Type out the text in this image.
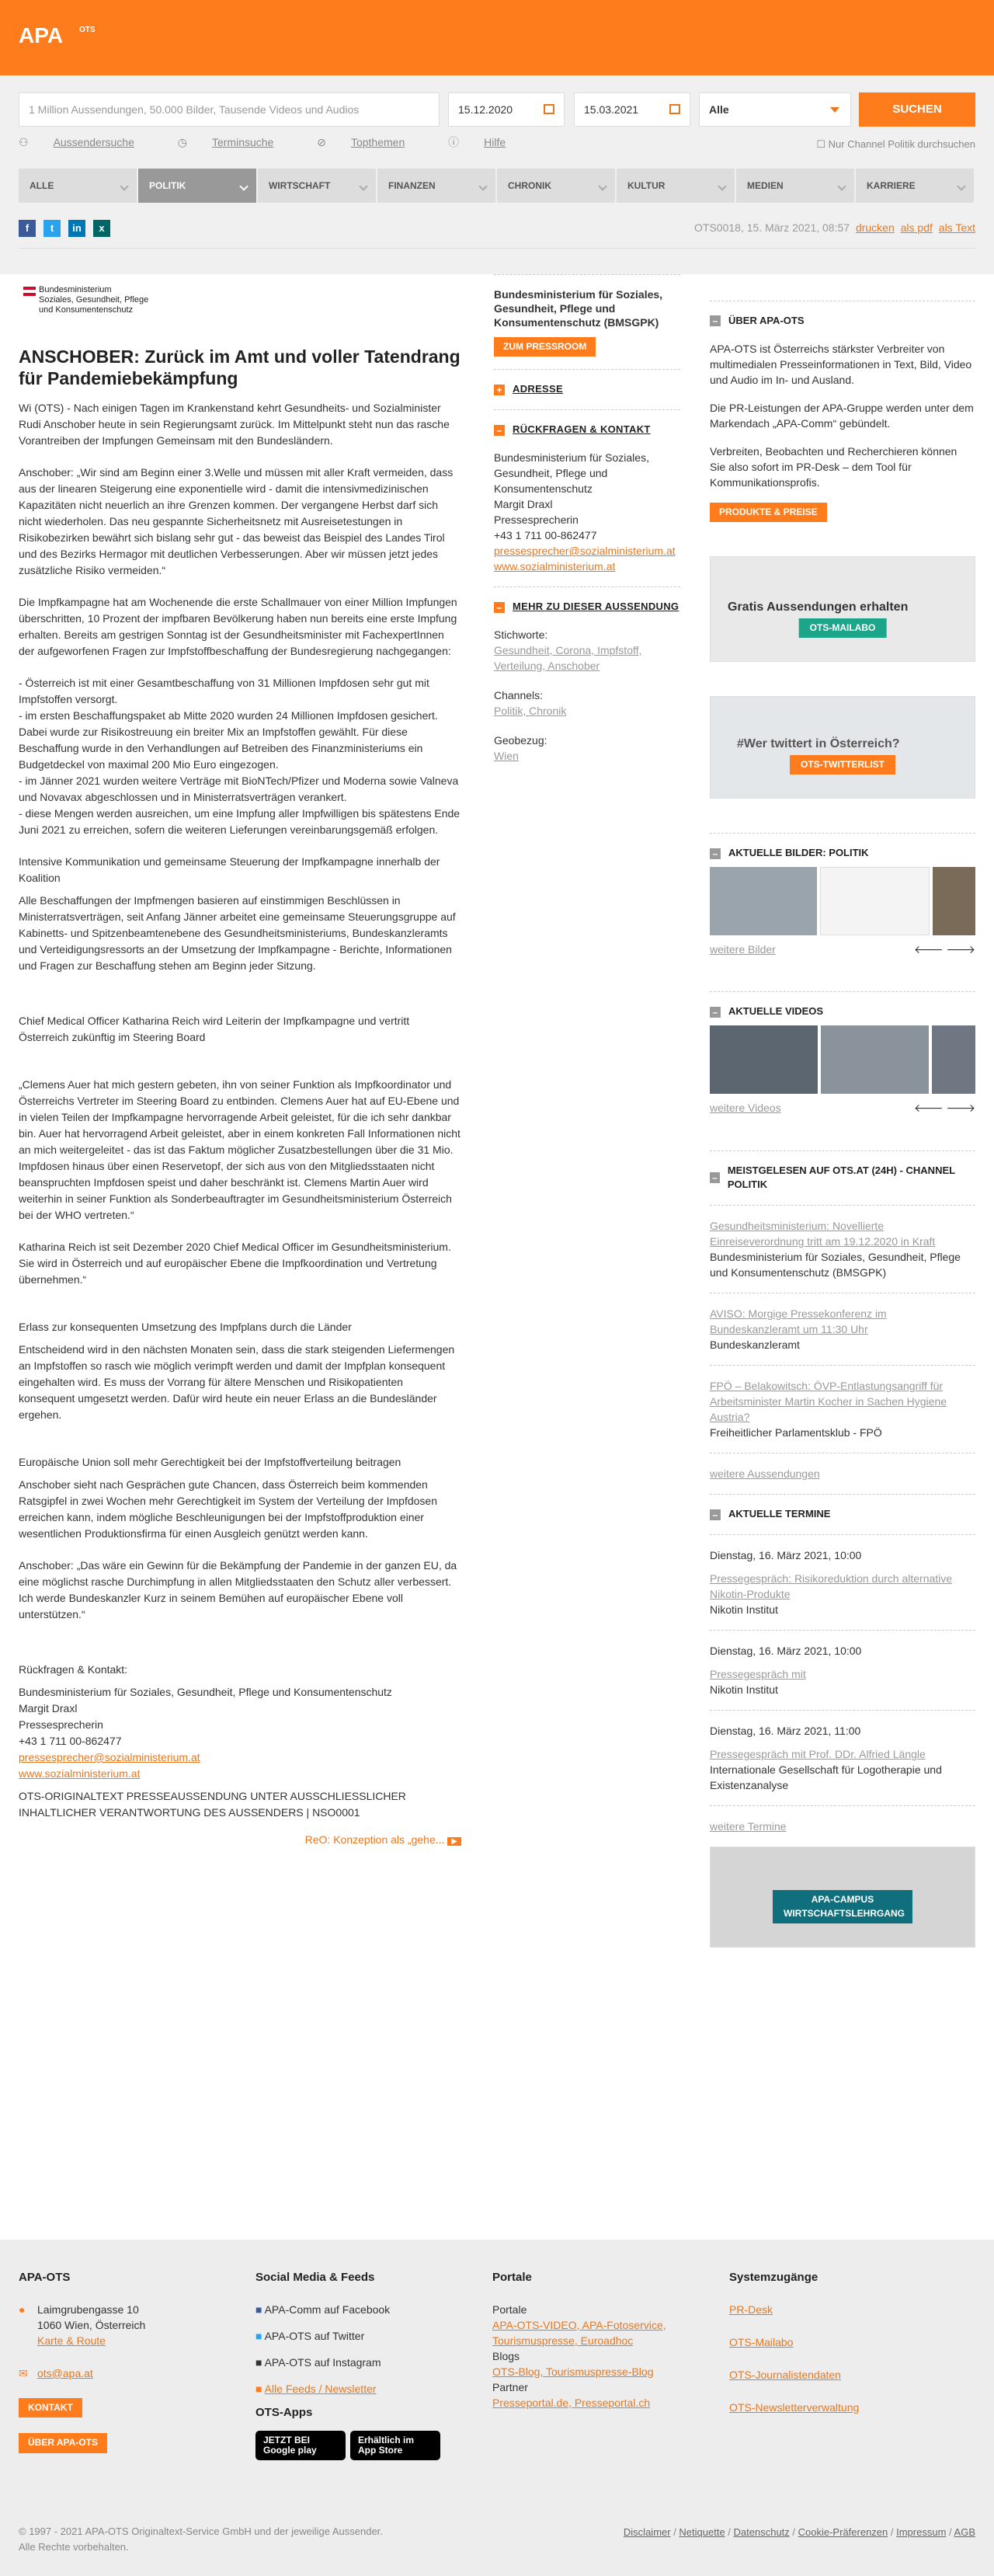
APA OTS
1 Million Aussendungen, 50.000 Bilder, Tausende Videos und Audios	15.12.2020	15.03.2021	Alle	SUCHEN
⚇ Aussendersuche
	◷ Terminsuche
	⊘ Topthemen
	ⓘ Hilfe	☐ Nur Channel Politik durchsuchen
ALLE	POLITIK	WIRTSCHAFT	FINANZEN	CHRONIK	KULTUR	MEDIEN	KARRIERE
f	t	in	x	OTS0018, 15. März 2021, 08:57 drucken als pdf als Text
Bundesministerium
Soziales, Gesundheit, Pflege
und Konsumentenschutz
ANSCHOBER: Zurück im Amt und voller Tatendrang für Pandemiebekämpfung

Wi (OTS) - Nach einigen Tagen im Krankenstand kehrt Gesundheits- und Sozialminister Rudi Anschober heute in sein Regierungsamt zurück. Im Mittelpunkt steht nun das rasche Vorantreiben der Impfungen Gemeinsam mit den Bundesländern.

Anschober: „Wir sind am Beginn einer 3.Welle und müssen mit aller Kraft vermeiden, dass aus der linearen Steigerung eine exponentielle wird - damit die intensivmedizinischen Kapazitäten nicht neuerlich an ihre Grenzen kommen. Der vergangene Herbst darf sich nicht wiederholen. Das neu gespannte Sicherheitsnetz mit Ausreisetestungen in Risikobezirken bewährt sich bislang sehr gut - das beweist das Beispiel des Landes Tirol und des Bezirks Hermagor mit deutlichen Verbesserungen. Aber wir müssen jetzt jedes zusätzliche Risiko vermeiden.“

Die Impfkampagne hat am Wochenende die erste Schallmauer von einer Million Impfungen überschritten, 10 Prozent der impfbaren Bevölkerung haben nun bereits eine erste Impfung erhalten. Bereits am gestrigen Sonntag ist der Gesundheitsminister mit FachexpertInnen der aufgeworfenen Fragen zur Impfstoffbeschaffung der Bundesregierung nachgegangen:

- Österreich ist mit einer Gesamtbeschaffung von 31 Millionen Impfdosen sehr gut mit Impfstoffen versorgt.
- im ersten Beschaffungspaket ab Mitte 2020 wurden 24 Millionen Impfdosen gesichert. Dabei wurde zur Risikostreuung ein breiter Mix an Impfstoffen gewählt. Für diese Beschaffung wurde in den Verhandlungen auf Betreiben des Finanzministeriums ein Budgetdeckel von maximal 200 Mio Euro eingezogen.
- im Jänner 2021 wurden weitere Verträge mit BioNTech/Pfizer und Moderna sowie Valneva und Novavax abgeschlossen und in Ministerratsverträgen verankert.
- diese Mengen werden ausreichen, um eine Impfung aller Impfwilligen bis spätestens Ende Juni 2021 zu erreichen, sofern die weiteren Lieferungen vereinbarungsgemäß erfolgen.

Intensive Kommunikation und gemeinsame Steuerung der Impfkampagne innerhalb der Koalition

Alle Beschaffungen der Impfmengen basieren auf einstimmigen Beschlüssen in Ministerratsverträgen, seit Anfang Jänner arbeitet eine gemeinsame Steuerungsgruppe auf Kabinetts- und Spitzenbeamtenebene des Gesundheitsministeriums, Bundeskanzleramts und Verteidigungsressorts an der Umsetzung der Impfkampagne - Berichte, Informationen und Fragen zur Beschaffung stehen am Beginn jeder Sitzung.

Chief Medical Officer Katharina Reich wird Leiterin der Impfkampagne und vertritt Österreich zukünftig im Steering Board

„Clemens Auer hat mich gestern gebeten, ihn von seiner Funktion als Impfkoordinator und Österreichs Vertreter im Steering Board zu entbinden. Clemens Auer hat auf EU-Ebene und in vielen Teilen der Impfkampagne hervorragende Arbeit geleistet, für die ich sehr dankbar bin. Auer hat hervorragend Arbeit geleistet, aber in einem konkreten Fall Informationen nicht an mich weitergeleitet - das ist das Faktum möglicher Zusatzbestellungen über die 31 Mio. Impfdosen hinaus über einen Reservetopf, der sich aus von den Mitgliedsstaaten nicht beanspruchten Impfdosen speist und daher beschränkt ist. Clemens Martin Auer wird weiterhin in seiner Funktion als Sonderbeauftragter im Gesundheitsministerium Österreich bei der WHO vertreten.“

Katharina Reich ist seit Dezember 2020 Chief Medical Officer im Gesundheitsministerium.
Sie wird in Österreich und auf europäischer Ebene die Impfkoordination und Vertretung übernehmen.“

Erlass zur konsequenten Umsetzung des Impfplans durch die Länder

Entscheidend wird in den nächsten Monaten sein, dass die stark steigenden Liefermengen an Impfstoffen so rasch wie möglich verimpft werden und damit der Impfplan konsequent eingehalten wird. Es muss der Vorrang für ältere Menschen und Risikopatienten konsequent umgesetzt werden. Dafür wird heute ein neuer Erlass an die Bundesländer ergehen.

Europäische Union soll mehr Gerechtigkeit bei der Impfstoffverteilung beitragen

Anschober sieht nach Gesprächen gute Chancen, dass Österreich beim kommenden Ratsgipfel in zwei Wochen mehr Gerechtigkeit im System der Verteilung der Impfdosen erreichen kann, indem mögliche Beschleunigungen bei der Impfstoffproduktion einer wesentlichen Produktionsfirma für einen Ausgleich genützt werden kann.

Anschober: „Das wäre ein Gewinn für die Bekämpfung der Pandemie in der ganzen EU, da eine möglichst rasche Durchimpfung in allen Mitgliedsstaaten den Schutz aller verbessert. Ich werde Bundeskanzler Kurz in seinem Bemühen auf europäischer Ebene voll unterstützen.“

Rückfragen & Kontakt:

Bundesministerium für Soziales, Gesundheit, Pflege und Konsumentenschutz
Margit Draxl
Pressesprecherin
+43 1 711 00-862477

pressesprecher@sozialministerium.at

www.sozialministerium.at

OTS-ORIGINALTEXT PRESSEAUSSENDUNG UNTER AUSSCHLIESSLICHER INHALTLICHER VERANTWORTUNG DES AUSSENDERS | NSO0001

ReO: Konzeption als „gehe... ▶

Bundesministerium für Soziales, Gesundheit, Pflege und Konsumentenschutz (BMSGPK)

ZUM PRESSROOM
+ ADRESSE
– RÜCKFRAGEN & KONTAKT

Bundesministerium für Soziales, Gesundheit, Pflege und Konsumentenschutz
Margit Draxl
Pressesprecherin
+43 1 711 00-862477

pressesprecher@sozialministerium.at

www.sozialministerium.at

– MEHR ZU DIESER AUSSENDUNG

Stichworte:

Gesundheit, Corona, Impfstoff, Verteilung, Anschober

Channels:

Politik, Chronik

Geobezug:

Wien

– ÜBER APA-OTS

APA-OTS ist Österreichs stärkster Verbreiter von multimedialen Presseinformationen in Text, Bild, Video und Audio im In- und Ausland.

Die PR-Leistungen der APA-Gruppe werden unter dem Markendach „APA-Comm“ gebündelt.

Verbreiten, Beobachten und Recherchieren können Sie also sofort im PR-Desk – dem Tool für Kommunikationsprofis.

PRODUKTE & PREISE
Gratis Aussendungen erhalten
OTS-MAILABO
#Wer twittert in Österreich?
OTS-TWITTERLIST
– AKTUELLE BILDER: POLITIK
weitere Bilder	🡐 🡒
– AKTUELLE VIDEOS
weitere Videos	🡐 🡒
–
MEISTGELESEN AUF OTS.AT (24H) - CHANNEL POLITIK

Gesundheitsministerium: Novellierte Einreiseverordnung tritt am 19.12.2020 in Kraft

Bundesministerium für Soziales, Gesundheit, Pflege und Konsumentenschutz (BMSGPK)

AVISO: Morgige Pressekonferenz im Bundeskanzleramt um 11:30 Uhr

Bundeskanzleramt

FPÖ – Belakowitsch: ÖVP-Entlastungsangriff für Arbeitsminister Martin Kocher in Sachen Hygiene Austria?

Freiheitlicher Parlamentsklub - FPÖ

weitere Aussendungen

– AKTUELLE TERMINE

Dienstag, 16. März 2021, 10:00

Pressegespräch: Risikoreduktion durch alternative Nikotin-Produkte

Nikotin Institut

Dienstag, 16. März 2021, 10:00

Pressegespräch mit

Nikotin Institut

Dienstag, 16. März 2021, 11:00

Pressegespräch mit Prof. DDr. Alfried Längle

Internationale Gesellschaft für Logotherapie und Existenzanalyse

weitere Termine

APA-CAMPUS WIRTSCHAFTSLEHRGANG
APA-OTS

● Laimgrubengasse 10
1060 Wien, Österreich

Karte & Route

✉ ots@apa.at

KONTAKT

ÜBER APA-OTS
Social Media & Feeds

■ APA-Comm auf Facebook

■ APA-OTS auf Twitter

■ APA-OTS auf Instagram

■ Alle Feeds / Newsletter

OTS-Apps
JETZT BEI Google playErhältlich im App Store
Portale

Portale

APA-OTS-VIDEO, APA-Fotoservice, Tourismuspresse, Euroadhoc

Blogs

OTS-Blog, Tourismuspresse-Blog

Partner

Presseportal.de, Presseportal.ch

Systemzugänge

PR-Desk

OTS-Mailabo

OTS-Journalistendaten

OTS-Newsletterverwaltung

© 1997 - 2021 APA-OTS Originaltext-Service GmbH und der jeweilige Aussender.
Alle Rechte vorbehalten.
Disclaimer / Netiquette / Datenschutz / Cookie-Präferenzen / Impressum / AGB
